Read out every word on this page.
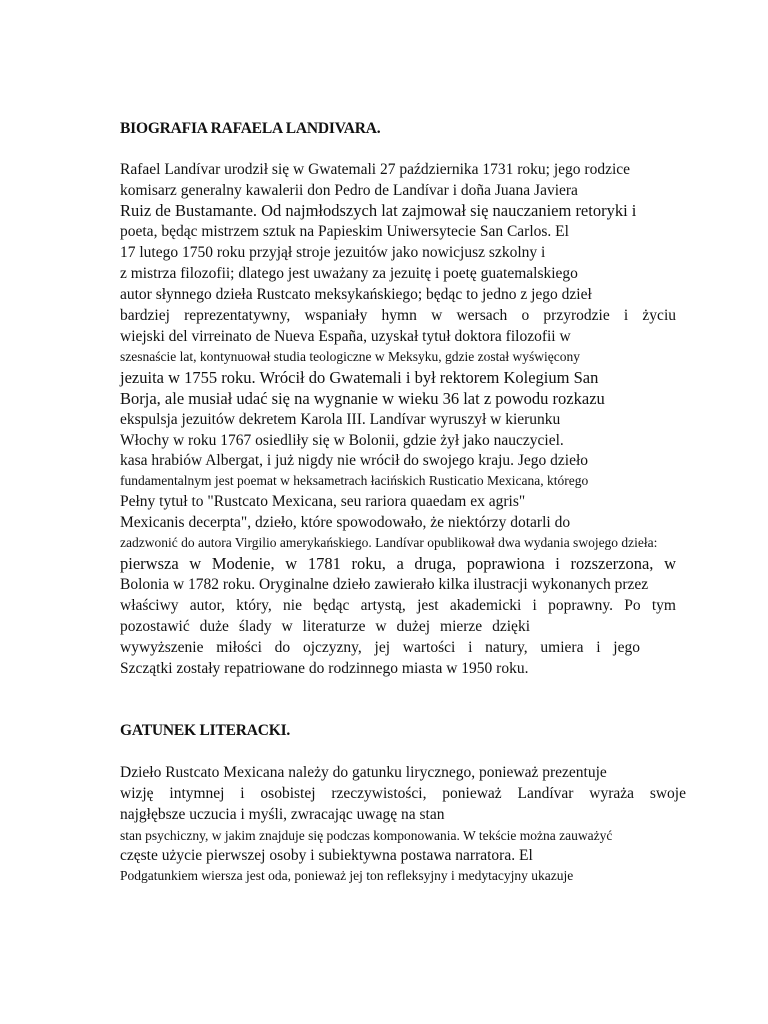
BIOGRAFIA RAFAELA LANDIVARA.

Rafael Landívar urodził się w Gwatemali 27 października 1731 roku; jego rodzice

komisarz generalny kawalerii don Pedro de Landívar i doña Juana Javiera

Ruiz de Bustamante. Od najmłodszych lat zajmował się nauczaniem retoryki i

poeta, będąc mistrzem sztuk na Papieskim Uniwersytecie San Carlos. El

17 lutego 1750 roku przyjął stroje jezuitów jako nowicjusz szkolny i

z mistrza filozofii; dlatego jest uważany za jezuitę i poetę guatemalskiego

autor słynnego dzieła Rustcato meksykańskiego; będąc to jedno z jego dzieł

bardziej reprezentatywny, wspaniały hymn w wersach o przyrodzie i życiu

wiejski del virreinato de Nueva España, uzyskał tytuł doktora filozofii w

szesnaście lat, kontynuował studia teologiczne w Meksyku, gdzie został wyświęcony

jezuita w 1755 roku. Wrócił do Gwatemali i był rektorem Kolegium San

Borja, ale musiał udać się na wygnanie w wieku 36 lat z powodu rozkazu

ekspulsja jezuitów dekretem Karola III. Landívar wyruszył w kierunku

Włochy w roku 1767 osiedliły się w Bolonii, gdzie żył jako nauczyciel.

kasa hrabiów Albergat, i już nigdy nie wrócił do swojego kraju. Jego dzieło

fundamentalnym jest poemat w heksametrach łacińskich Rusticatio Mexicana, którego

Pełny tytuł to "Rustcato Mexicana, seu rariora quaedam ex agris"

Mexicanis decerpta", dzieło, które spowodowało, że niektórzy dotarli do

zadzwonić do autora Virgilio amerykańskiego. Landívar opublikował dwa wydania swojego dzieła:

pierwsza w Modenie, w 1781 roku, a druga, poprawiona i rozszerzona, w

Bolonia w 1782 roku. Oryginalne dzieło zawierało kilka ilustracji wykonanych przez

właściwy autor, który, nie będąc artystą, jest akademicki i poprawny. Po tym

pozostawić duże ślady w literaturze w dużej mierze dzięki

wywyższenie miłości do ojczyzny, jej wartości i natury, umiera i jego

Szczątki zostały repatriowane do rodzinnego miasta w 1950 roku.

GATUNEK LITERACKI.

Dzieło Rustcato Mexicana należy do gatunku lirycznego, ponieważ prezentuje

wizję intymnej i osobistej rzeczywistości, ponieważ Landívar wyraża swoje

najgłębsze uczucia i myśli, zwracając uwagę na stan

stan psychiczny, w jakim znajduje się podczas komponowania. W tekście można zauważyć

częste użycie pierwszej osoby i subiektywna postawa narratora. El

Podgatunkiem wiersza jest oda, ponieważ jej ton refleksyjny i medytacyjny ukazuje
